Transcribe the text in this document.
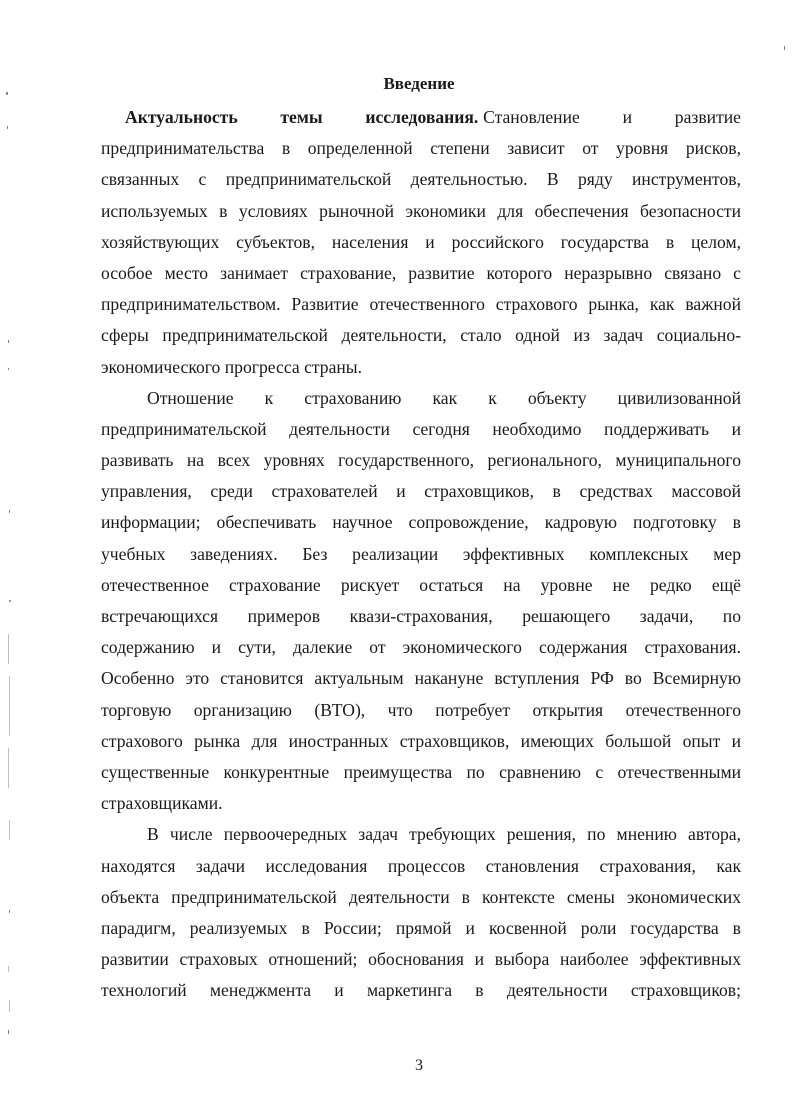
Введение
Актуальность темы исследования. Становление и развитие
предпринимательства в определенной степени зависит от уровня рисков,
связанных с предпринимательской деятельностью. В ряду инструментов,
используемых в условиях рыночной экономики для обеспечения безопасности
хозяйствующих субъектов, населения и российского государства в целом,
особое место занимает страхование, развитие которого неразрывно связано с
предпринимательством. Развитие отечественного страхового рынка, как важной
сферы предпринимательской деятельности, стало одной из задач социально-
экономического прогресса страны.
Отношение к страхованию как к объекту цивилизованной
предпринимательской деятельности сегодня необходимо поддерживать и
развивать на всех уровнях государственного, регионального, муниципального
управления, среди страхователей и страховщиков, в средствах массовой
информации; обеспечивать научное сопровождение, кадровую подготовку в
учебных заведениях. Без реализации эффективных комплексных мер
отечественное страхование рискует остаться на уровне не редко ещё
встречающихся примеров квази-страхования, решающего задачи, по
содержанию и сути, далекие от экономического содержания страхования.
Особенно это становится актуальным накануне вступления РФ во Всемирную
торговую организацию (ВТО), что потребует открытия отечественного
страхового рынка для иностранных страховщиков, имеющих большой опыт и
существенные конкурентные преимущества по сравнению с отечественными
страховщиками.
В числе первоочередных задач требующих решения, по мнению автора,
находятся задачи исследования процессов становления страхования, как
объекта предпринимательской деятельности в контексте смены экономических
парадигм, реализуемых в России; прямой и косвенной роли государства в
развитии страховых отношений; обоснования и выбора наиболее эффективных
технологий менеджмента и маркетинга в деятельности страховщиков;
3
